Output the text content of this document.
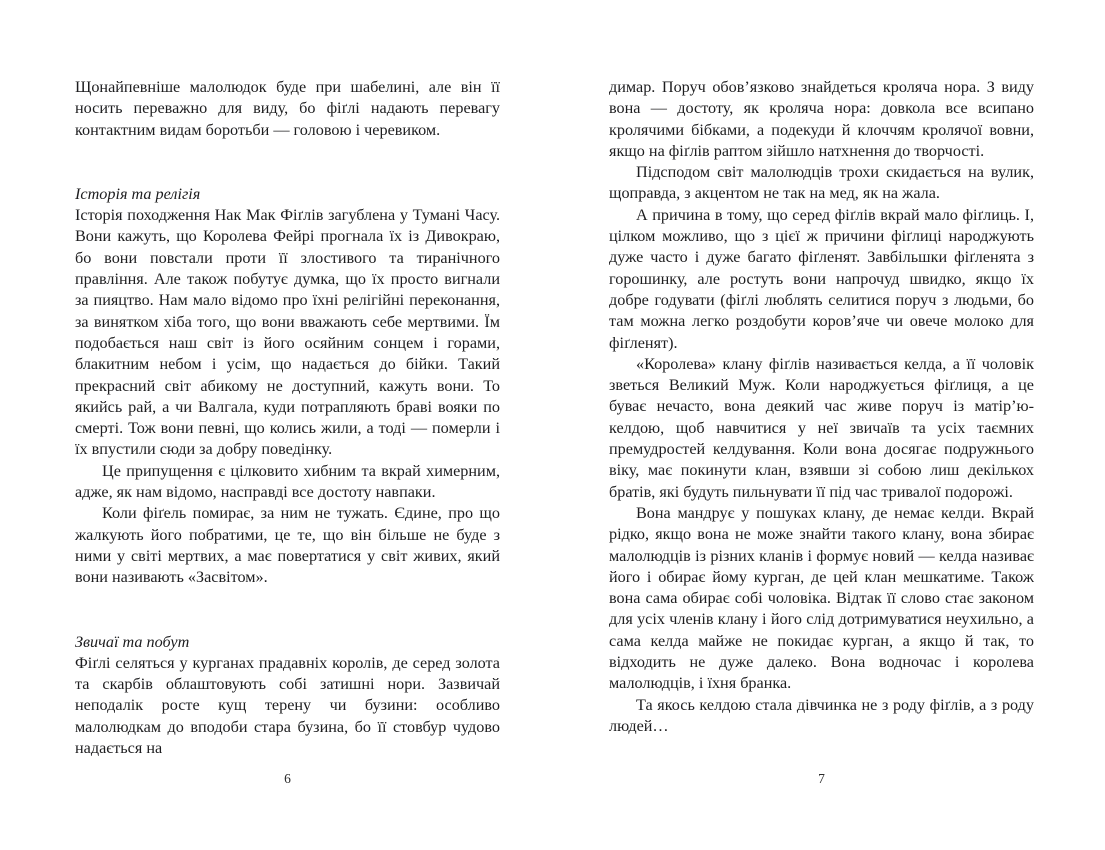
Щонайпевніше малолюдок буде при шабелині, але він її носить переважно для виду, бо фіґлі надають перевагу контактним видам боротьби — головою і черевиком.

Історія та релігія

Історія походження Нак Мак Фіґлів загублена у Тумані Часу. Вони кажуть, що Королева Фейрі прогнала їх із Дивокраю, бо вони повстали проти її злостивого та тиранічного правління. Але також побутує думка, що їх просто вигнали за пияцтво. Нам мало відомо про їхні релігійні переконання, за винятком хіба того, що вони вважають себе мертвими. Їм подобається наш світ із його осяйним сонцем і горами, блакитним небом і усім, що надається до бійки. Такий прекрасний світ абикому не доступний, кажуть вони. То якийсь рай, а чи Валгала, куди потрапляють браві вояки по смерті. Тож вони певні, що колись жили, а тоді — померли і їх впустили сюди за добру поведінку.

Це припущення є цілковито хибним та вкрай химерним, адже, як нам відомо, насправді все достоту навпаки.

Коли фіґель помирає, за ним не тужать. Єдине, про що жалкують його побратими, це те, що він більше не буде з ними у світі мертвих, а має повертатися у світ живих, який вони називають «Засвітом».

Звичаї та побут

Фіґлі селяться у курганах прадавніх королів, де серед золота та скарбів облаштовують собі затишні нори. Зазвичай неподалік росте кущ терену чи бузини: особливо малолюдкам до вподоби стара бузина, бо її стовбур чудово надається на

6

димар. Поруч обов’язково знайдеться кроляча нора. З виду вона — достоту, як кроляча нора: довкола все всипано кролячими бібками, а подекуди й клоччям кролячої вовни, якщо на фіґлів раптом зійшло натхнення до творчості.

Підсподом світ малолюдців трохи скидається на вулик, щоправда, з акцентом не так на мед, як на жала.

А причина в тому, що серед фіґлів вкрай мало фіґлиць. І, цілком можливо, що з цієї ж причини фіґлиці народжують дуже часто і дуже багато фіґленят. Завбільшки фіґленята з горошинку, але ростуть вони напрочуд швидко, якщо їх добре годувати (фіґлі люблять селитися поруч з людьми, бо там можна легко роздобути коров’яче чи овече молоко для фіґленят).

«Королева» клану фіґлів називається келда, а її чоловік зветься Великий Муж. Коли народжується фіґлиця, а це буває нечасто, вона деякий час живе поруч із матір’ю-келдою, щоб навчитися у неї звичаїв та усіх таємних премудростей келдування. Коли вона досягає подружнього віку, має покинути клан, взявши зі собою лиш декількох братів, які будуть пильнувати її під час тривалої подорожі.

Вона мандрує у пошуках клану, де немає келди. Вкрай рідко, якщо вона не може знайти такого клану, вона збирає малолюдців із різних кланів і формує новий — келда називає його і обирає йому курган, де цей клан мешкатиме. Також вона сама обирає собі чоловіка. Відтак її слово стає законом для усіх членів клану і його слід дотримуватися неухильно, а сама келда майже не покидає курган, а якщо й так, то відходить не дуже далеко. Вона водночас і королева малолюдців, і їхня бранка.

Та якось келдою стала дівчинка не з роду фіґлів, а з роду людей…

7
